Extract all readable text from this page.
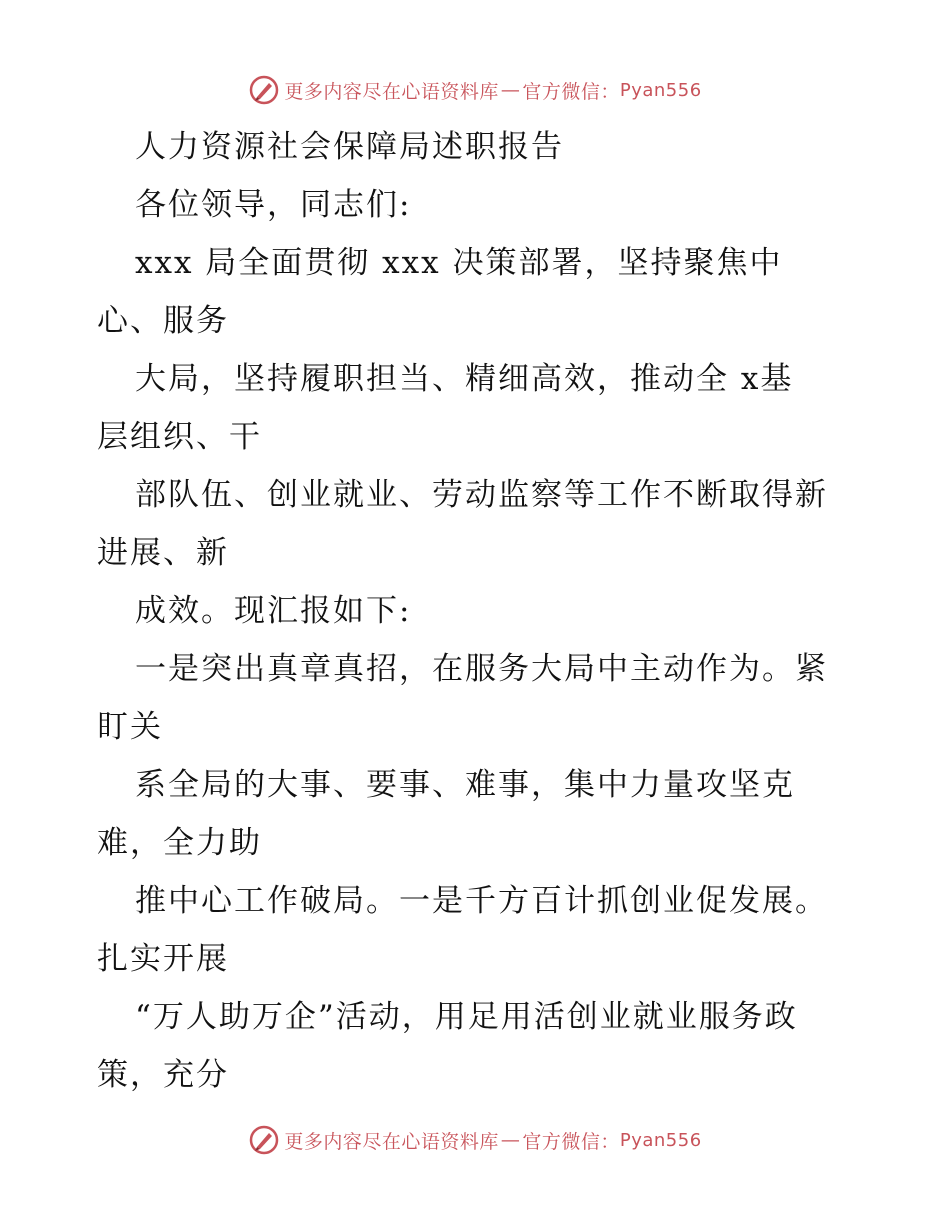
更多内容尽在心语资料库 — 官方微信： Pyan556
人力资源社会保障局述职报告
各位领导，同志们:
xxx 局全面贯彻 xxx 决策部署，坚持聚焦中
心、服务
大局，坚持履职担当、精细高效，推动全 x基
层组织、干
部队伍、创业就业、劳动监察等工作不断取得新
进展、新
成效。现汇报如下:
一是突出真章真招，在服务大局中主动作为。紧
盯关
系全局的大事、要事、难事，集中力量攻坚克
难，全力助
推中心工作破局。一是千方百计抓创业促发展。
扎实开展
“万人助万企”活动，用足用活创业就业服务政
策，充分
更多内容尽在心语资料库 — 官方微信： Pyan556
